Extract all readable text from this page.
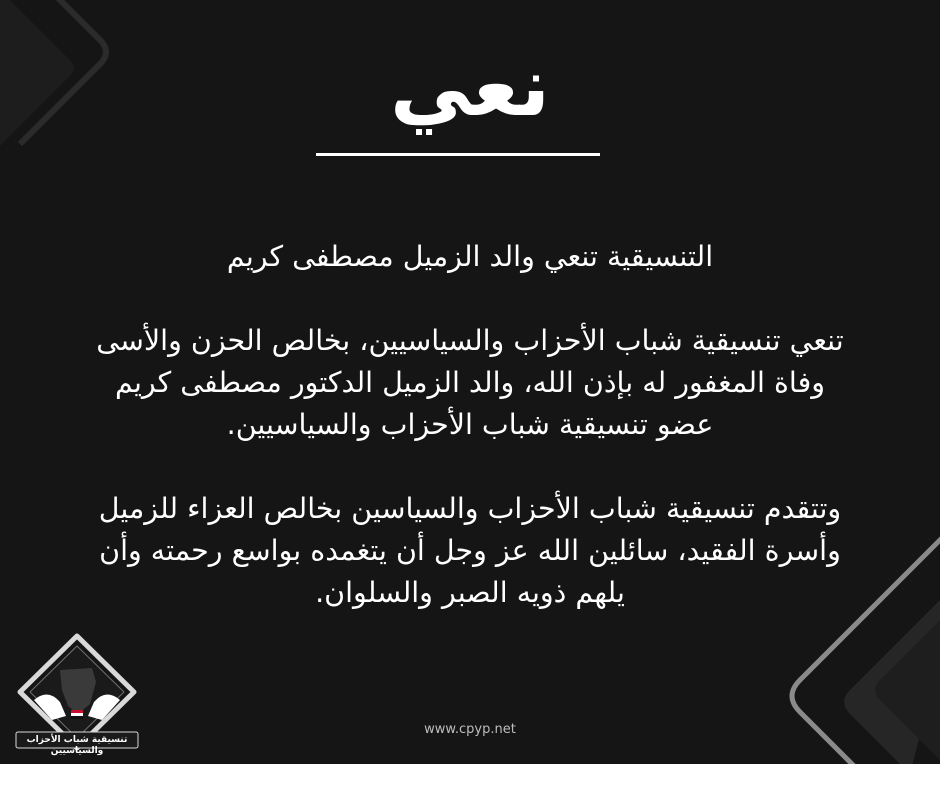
نعي
التنسيقية تنعي والد الزميل مصطفى كريم
تنعي تنسيقية شباب الأحزاب والسياسيين، بخالص الحزن والأسى
وفاة المغفور له بإذن الله، والد الزميل الدكتور مصطفى كريم
عضو تنسيقية شباب الأحزاب والسياسيين.
وتتقدم تنسيقية شباب الأحزاب والسياسين بخالص العزاء للزميل
وأسرة الفقيد، سائلين الله عز وجل أن يتغمده بواسع رحمته وأن
يلهم ذويه الصبر والسلوان.
تنسيقية شباب الأحزاب والسياسيين
www.cpyp.net
